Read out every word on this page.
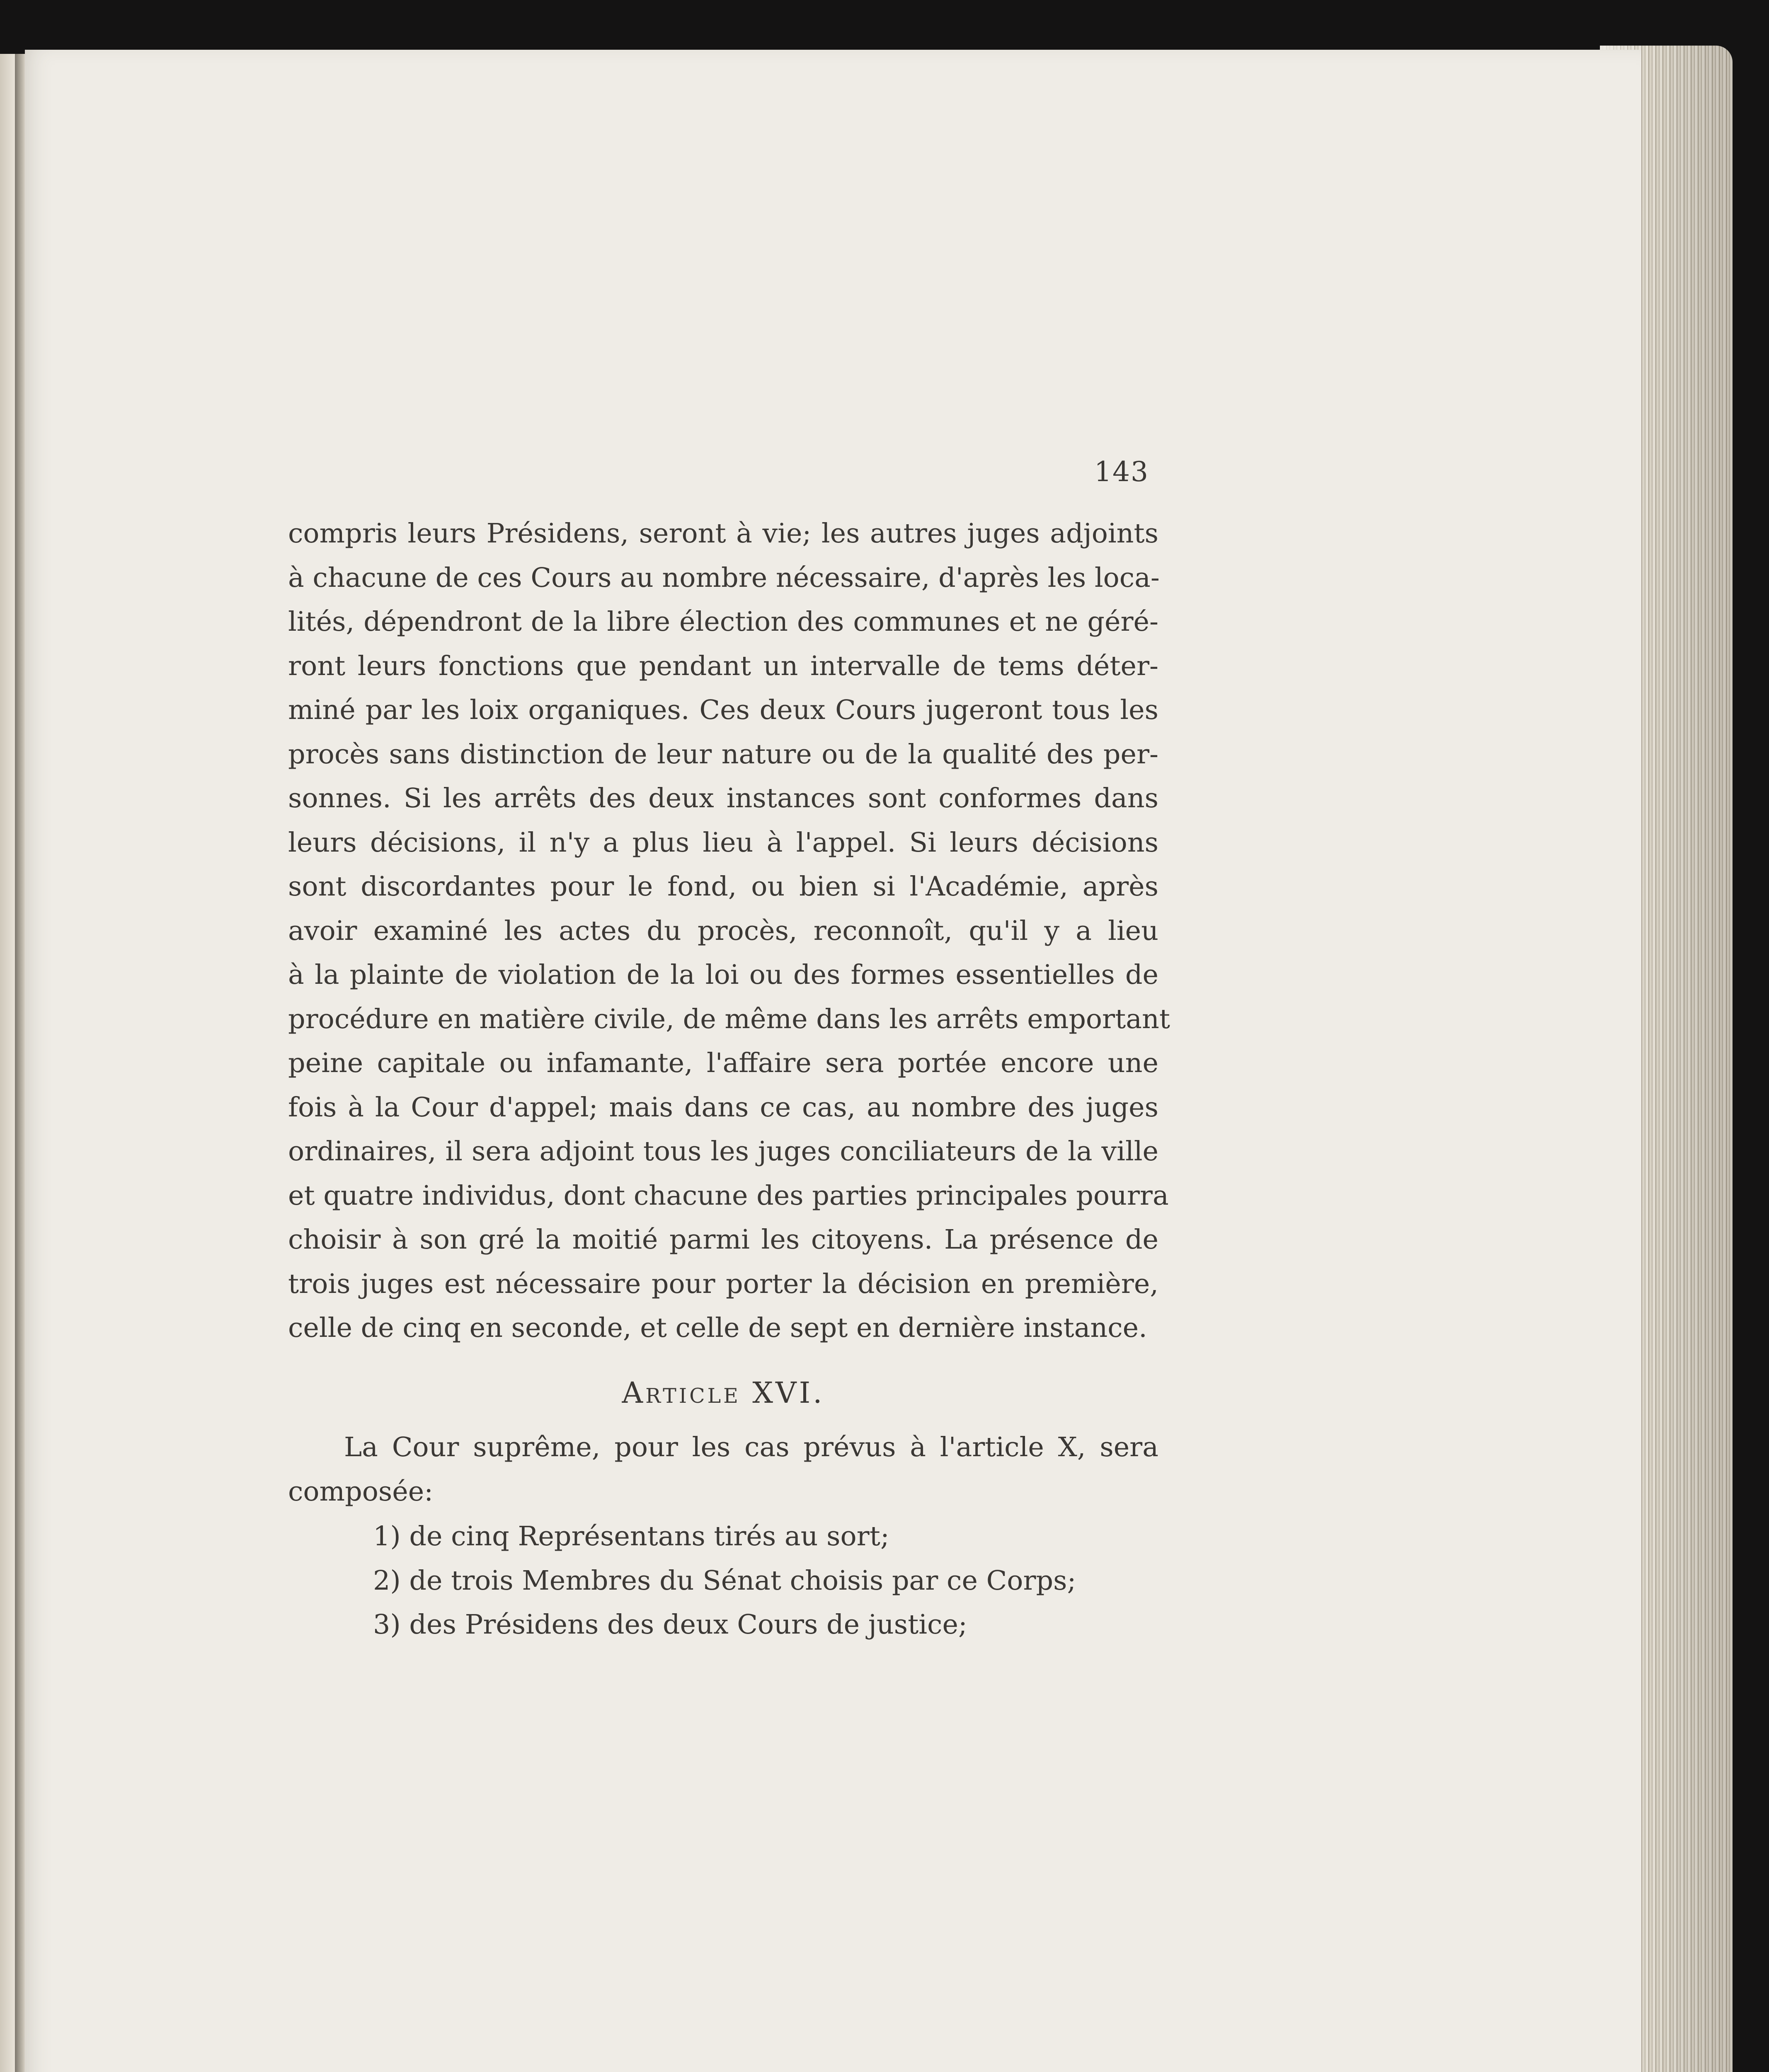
143
compris leurs Présidens, seront à vie; les autres juges adjoints
à chacune de ces Cours au nombre nécessaire, d'après les loca-
lités, dépendront de la libre élection des communes et ne géré-
ront leurs fonctions que pendant un intervalle de tems déter-
miné par les loix organiques. Ces deux Cours jugeront tous les
procès sans distinction de leur nature ou de la qualité des per-
sonnes. Si les arrêts des deux instances sont conformes dans
leurs décisions, il n'y a plus lieu à l'appel. Si leurs décisions
sont discordantes pour le fond, ou bien si l'Académie, après
avoir examiné les actes du procès, reconnoît, qu'il y a lieu
à la plainte de violation de la loi ou des formes essentielles de
procédure en matière civile, de même dans les arrêts emportant
peine capitale ou infamante, l'affaire sera portée encore une
fois à la Cour d'appel; mais dans ce cas, au nombre des juges
ordinaires, il sera adjoint tous les juges conciliateurs de la ville
et quatre individus, dont chacune des parties principales pourra
choisir à son gré la moitié parmi les citoyens. La présence de
trois juges est nécessaire pour porter la décision en première,
celle de cinq en seconde, et celle de sept en dernière instance.
Article XVI.
La Cour suprême, pour les cas prévus à l'article X, sera
composée:
1) de cinq Représentans tirés au sort;
2) de trois Membres du Sénat choisis par ce Corps;
3) des Présidens des deux Cours de justice;
